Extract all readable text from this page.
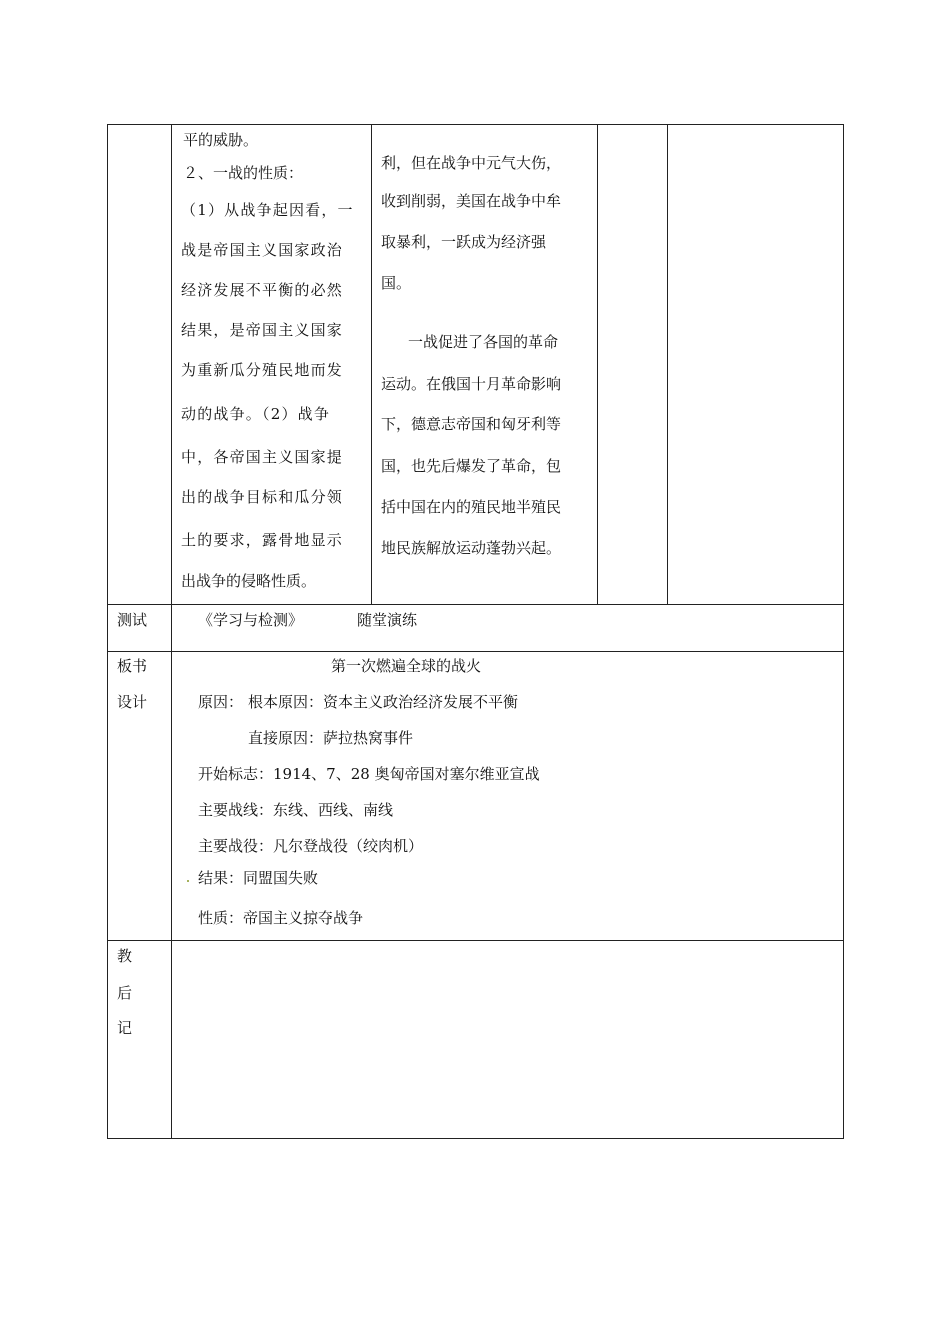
平的威胁。
２、一战的性质：
（1）从战争起因看，一
战是帝国主义国家政治
经济发展不平衡的必然
结果，是帝国主义国家
为重新瓜分殖民地而发
动的战争。（2）战争
中，各帝国主义国家提
出的战争目标和瓜分领
土的要求，露骨地显示
出战争的侵略性质。
利，但在战争中元气大伤，
收到削弱，美国在战争中牟
取暴利，一跃成为经济强
国。
一战促进了各国的革命
运动。在俄国十月革命影响
下，德意志帝国和匈牙利等
国，也先后爆发了革命，包
括中国在内的殖民地半殖民
地民族解放运动蓬勃兴起。
测试	《学习与检测》	随堂演练
板书
设计
第一次燃遍全球的战火
原因： 根本原因：资本主义政治经济发展不平衡
直接原因：萨拉热窝事件
开始标志：1914、7、28 奥匈帝国对塞尔维亚宣战
主要战线：东线、西线、南线
主要战役：凡尔登战役（绞肉机）
结果：同盟国失败
性质：帝国主义掠夺战争
教
后
记
